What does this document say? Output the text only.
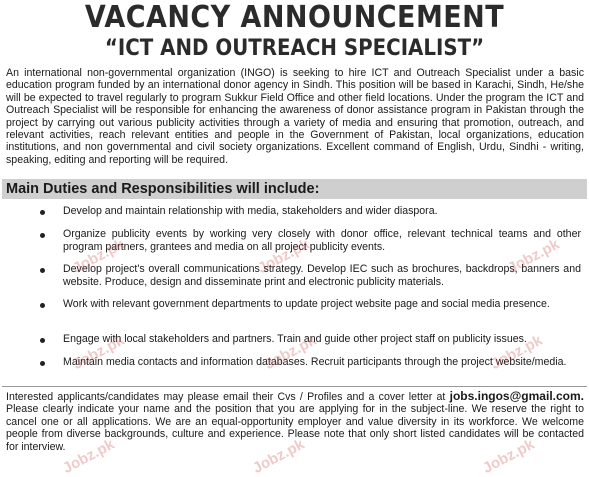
VACANCY ANNOUNCEMENT
“ICT AND OUTREACH SPECIALIST”
An international non-governmental organization (INGO) is seeking to hire ICT and Outreach Specialist under a basic education program funded by an international donor agency in Sindh. This position will be based in Karachi, Sindh, He/she will be expected to travel regularly to program Sukkur Field Office and other field locations. Under the program the ICT and Outreach Specialist will be responsible for enhancing the awareness of donor assistance program in Pakistan through the project by carrying out various publicity activities through a variety of media and ensuring that promotion, outreach, and relevant activities, reach relevant entities and people in the Government of Pakistan, local organizations, education institutions, and non governmental and civil society organizations. Excellent command of English, Urdu, Sindhi - writing, speaking, editing and reporting will be required.
Main Duties and Responsibilities will include:
Develop and maintain relationship with media, stakeholders and wider diaspora.
Organize publicity events by working very closely with donor office, relevant technical teams and other program partners, grantees and media on all project publicity events.
Develop project's overall communications strategy. Develop IEC such as brochures, backdrops, banners and website. Produce, design and disseminate print and electronic publicity materials.
Work with relevant government departments to update project website page and social media presence.
Engage with local stakeholders and partners. Train and guide other project staff on publicity issues.
Maintain media contacts and information databases. Recruit participants through the project website/media.
Interested applicants/candidates may please email their Cvs / Profiles and a cover letter at jobs.ingos@gmail.com. Please clearly indicate your name and the position that you are applying for in the subject-line. We reserve the right to cancel one or all applications. We are an equal-opportunity employer and value diversity in its workforce. We welcome people from diverse backgrounds, culture and experience. Please note that only short listed candidates will be contacted for interview.
Jobz.pk	Jobz.pk	Jobz.pk
Jobz.pk	Jobz.pk	Jobz.pk
Jobz.pk	Jobz.pk	Jobz.pk
